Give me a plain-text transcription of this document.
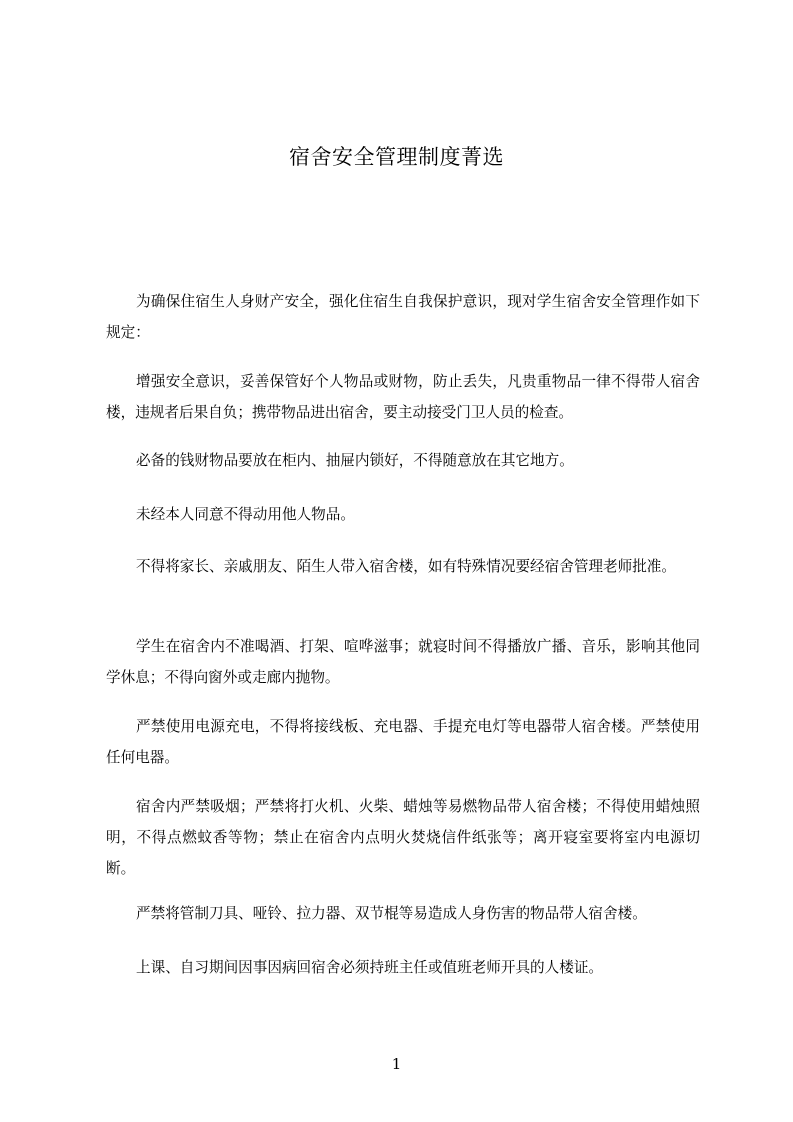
宿舍安全管理制度菁选

为确保住宿生人身财产安全，强化住宿生自我保护意识，现对学生宿舍安全管理作如下规定：

增强安全意识，妥善保管好个人物品或财物，防止丢失，凡贵重物品一律不得带人宿舍楼，违规者后果自负；携带物品进出宿舍，要主动接受门卫人员的检查。

必备的钱财物品要放在柜内、抽屉内锁好，不得随意放在其它地方。

未经本人同意不得动用他人物品。

不得将家长、亲戚朋友、陌生人带入宿舍楼，如有特殊情况要经宿舍管理老师批准。

学生在宿舍内不准喝酒、打架、喧哗滋事；就寝时间不得播放广播、音乐，影响其他同学休息；不得向窗外或走廊内抛物。

严禁使用电源充电，不得将接线板、充电器、手提充电灯等电器带人宿舍楼。严禁使用任何电器。

宿舍内严禁吸烟；严禁将打火机、火柴、蜡烛等易燃物品带人宿舍楼；不得使用蜡烛照明，不得点燃蚊香等物；禁止在宿舍内点明火焚烧信件纸张等；离开寝室要将室内电源切断。

严禁将管制刀具、哑铃、拉力器、双节棍等易造成人身伤害的物品带人宿舍楼。

上课、自习期间因事因病回宿舍必须持班主任或值班老师开具的人楼证。

1
